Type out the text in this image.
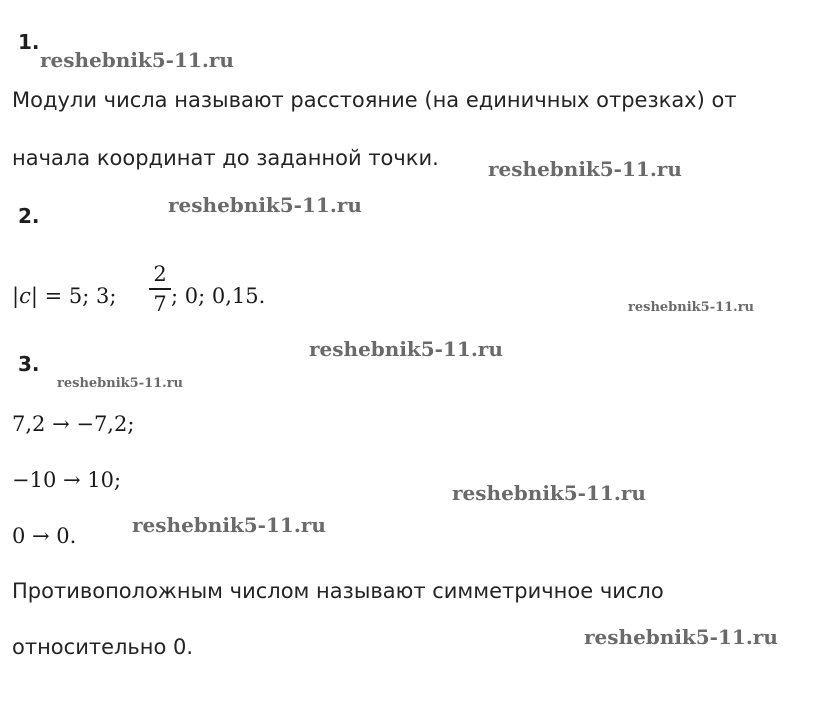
1.
Модули числа называют расстояние (на единичных отрезках) от
начала координат до заданной точки.
2.
|𝑐| = 5; 3;
2
7 ; 0; 0,15.
3.
7,2 → −7,2;
−10 → 10;
0 → 0.
Противоположным числом называют симметричное число
относительно 0.
reshebnik5-11.ru
reshebnik5-11.ru
reshebnik5-11.ru
reshebnik5-11.ru
reshebnik5-11.ru
reshebnik5-11.ru
reshebnik5-11.ru
reshebnik5-11.ru
reshebnik5-11.ru
